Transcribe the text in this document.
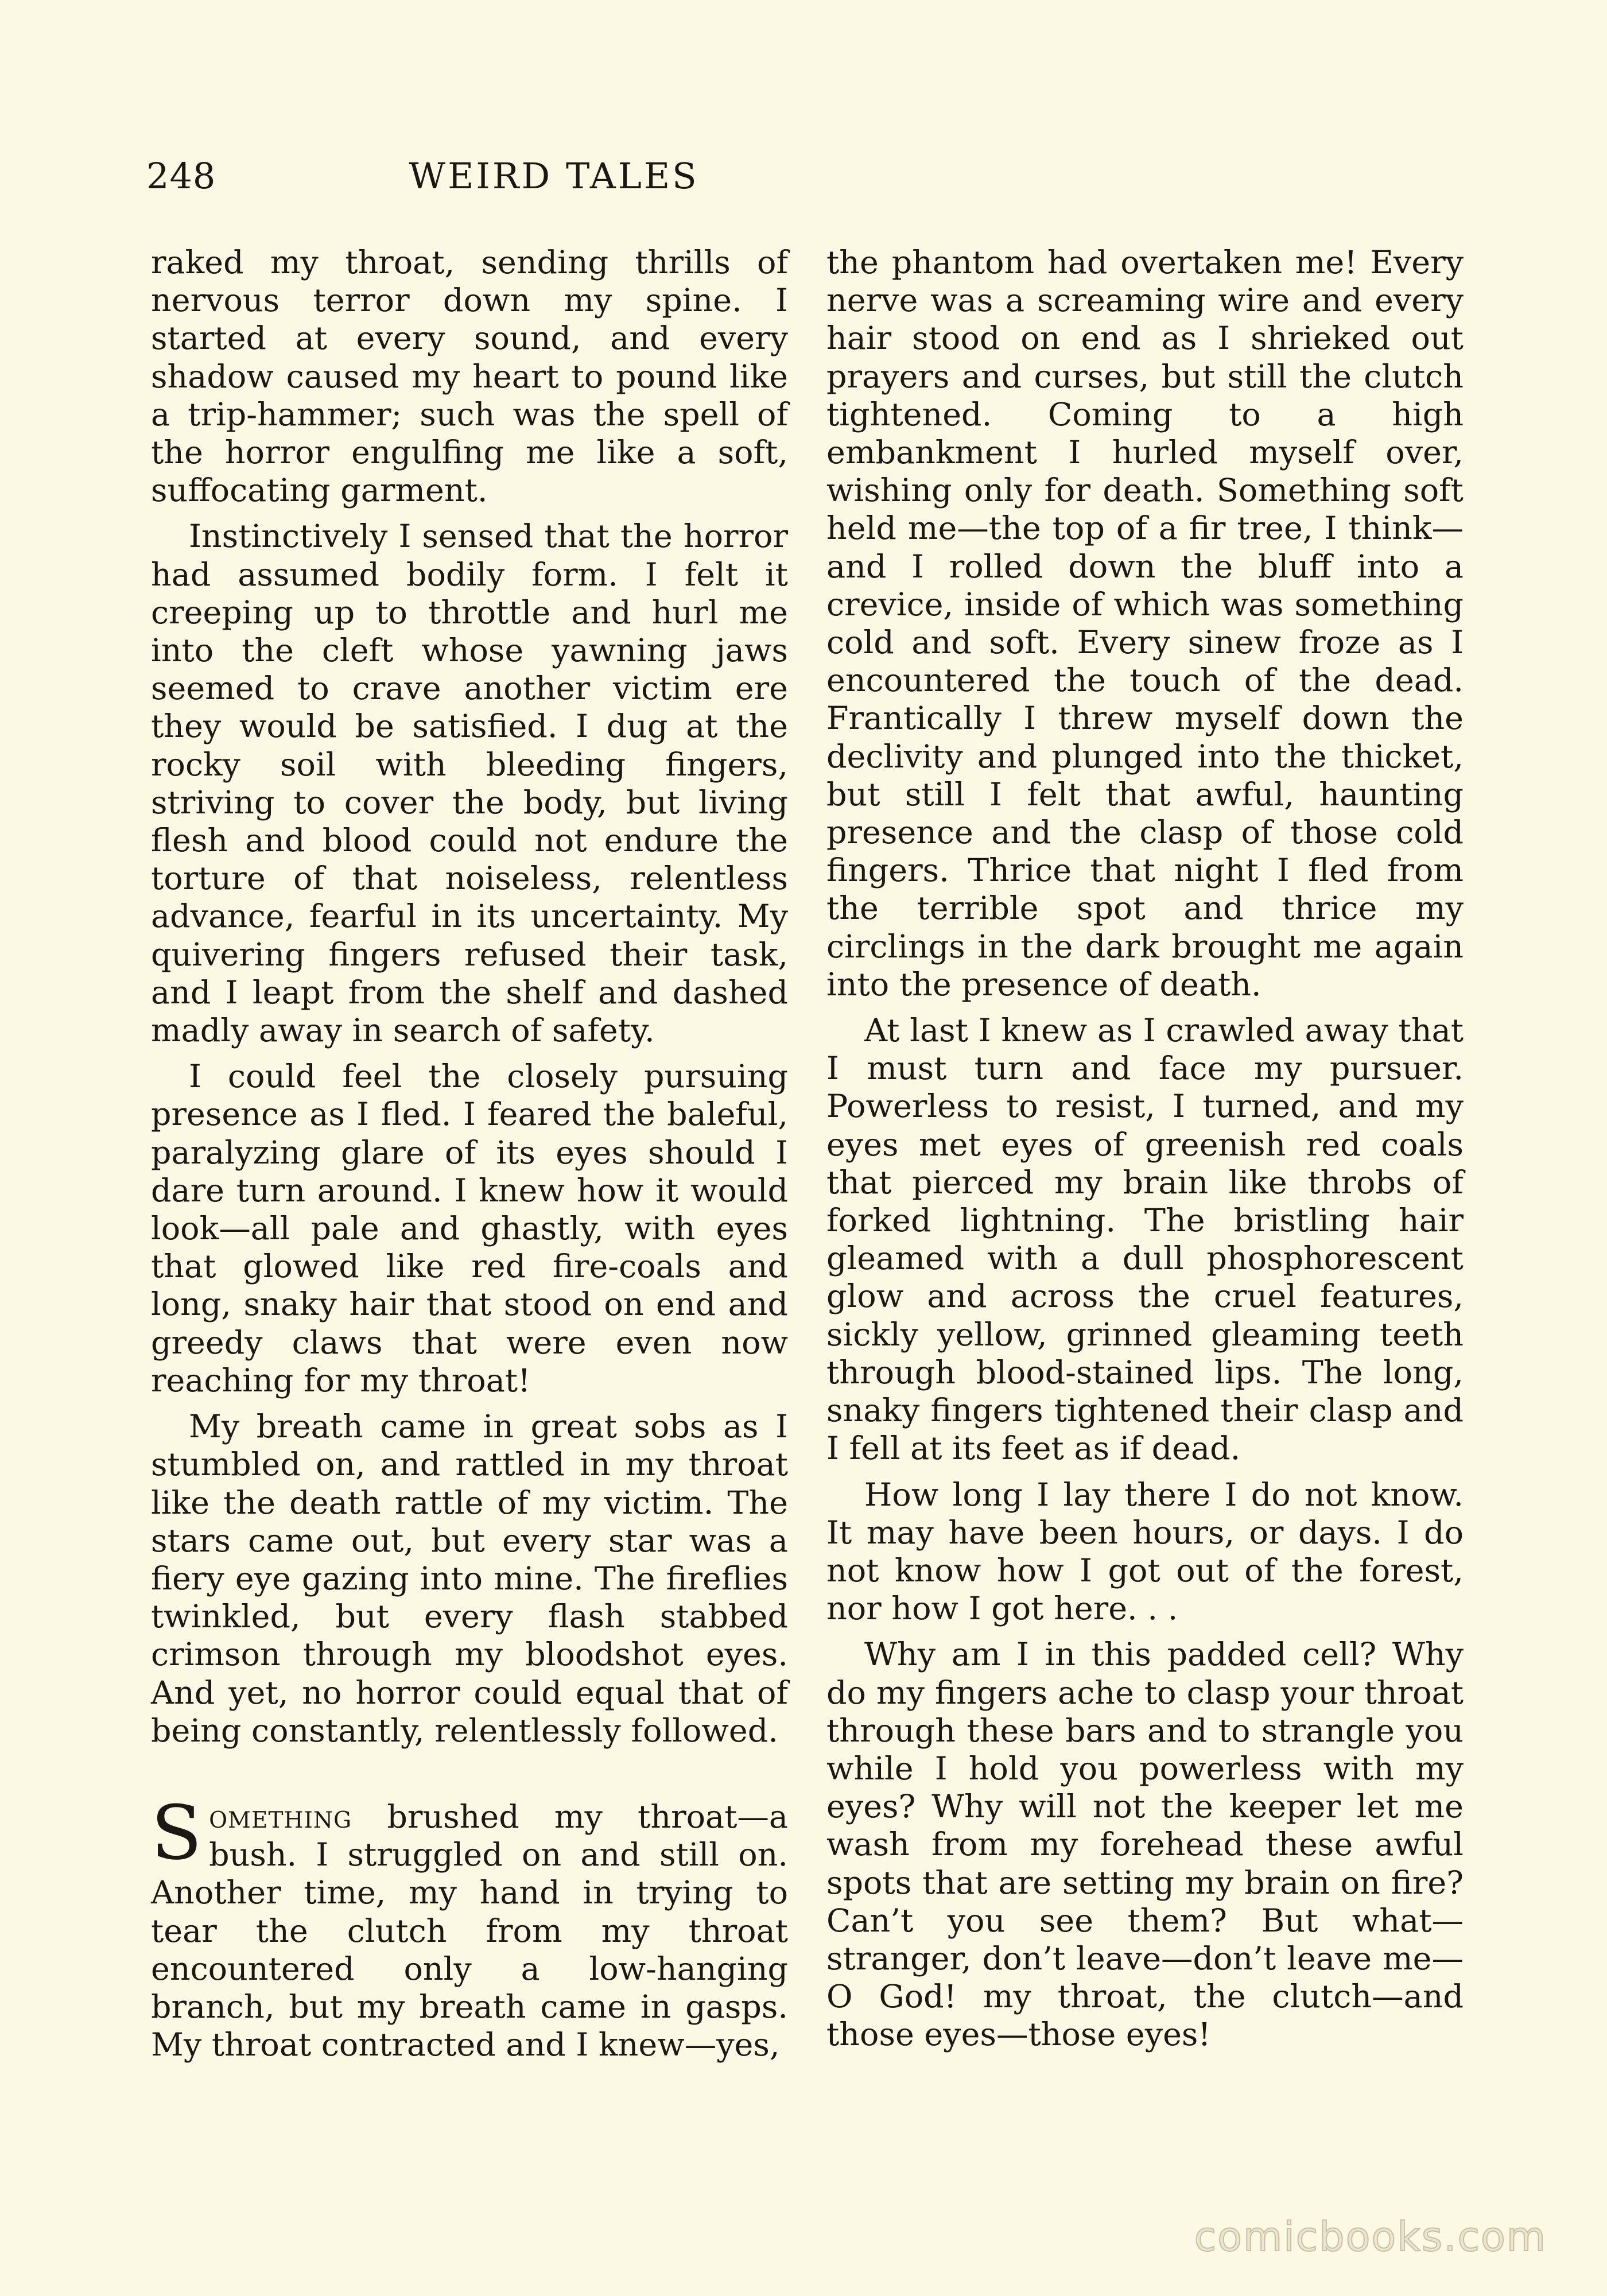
248	WEIRD TALES

raked my throat, sending thrills of nervous terror down my spine. I started at every sound, and every shadow caused my heart to pound like a trip-hammer; such was the spell of the horror engulfing me like a soft, suffocating garment.

Instinctively I sensed that the horror had assumed bodily form. I felt it creeping up to throttle and hurl me into the cleft whose yawning jaws seemed to crave another victim ere they would be satisfied. I dug at the rocky soil with bleeding fingers, striving to cover the body, but living flesh and blood could not endure the torture of that noiseless, relentless advance, fearful in its uncertainty. My quivering fingers refused their task, and I leapt from the shelf and dashed madly away in search of safety.

I could feel the closely pursuing presence as I fled. I feared the baleful, paralyzing glare of its eyes should I dare turn around. I knew how it would look—all pale and ghastly, with eyes that glowed like red fire-coals and long, snaky hair that stood on end and greedy claws that were even now reaching for my throat!

My breath came in great sobs as I stumbled on, and rattled in my throat like the death rattle of my victim. The stars came out, but every star was a fiery eye gazing into mine. The fireflies twinkled, but every flash stabbed crimson through my bloodshot eyes. And yet, no horror could equal that of being constantly, relentlessly followed.

Something brushed my throat—a bush. I struggled on and still on. Another time, my hand in trying to tear the clutch from my throat encountered only a low-hanging branch, but my breath came in gasps. My throat contracted and I knew—yes,

the phantom had overtaken me! Every nerve was a screaming wire and every hair stood on end as I shrieked out prayers and curses, but still the clutch tightened. Coming to a high embankment I hurled myself over, wishing only for death. Something soft held me—the top of a fir tree, I think—and I rolled down the bluff into a crevice, inside of which was something cold and soft. Every sinew froze as I encountered the touch of the dead. Frantically I threw myself down the declivity and plunged into the thicket, but still I felt that awful, haunting presence and the clasp of those cold fingers. Thrice that night I fled from the terrible spot and thrice my circlings in the dark brought me again into the presence of death.

At last I knew as I crawled away that I must turn and face my pursuer. Powerless to resist, I turned, and my eyes met eyes of greenish red coals that pierced my brain like throbs of forked lightning. The bristling hair gleamed with a dull phosphorescent glow and across the cruel features, sickly yellow, grinned gleaming teeth through blood-stained lips. The long, snaky fingers tightened their clasp and I fell at its feet as if dead.

How long I lay there I do not know. It may have been hours, or days. I do not know how I got out of the forest, nor how I got here. . .

Why am I in this padded cell? Why do my fingers ache to clasp your throat through these bars and to strangle you while I hold you powerless with my eyes? Why will not the keeper let me wash from my forehead these awful spots that are setting my brain on fire? Can’t you see them? But what—stranger, don’t leave—don’t leave me—O God! my throat, the clutch—and those eyes—those eyes!

comicbooks.com
